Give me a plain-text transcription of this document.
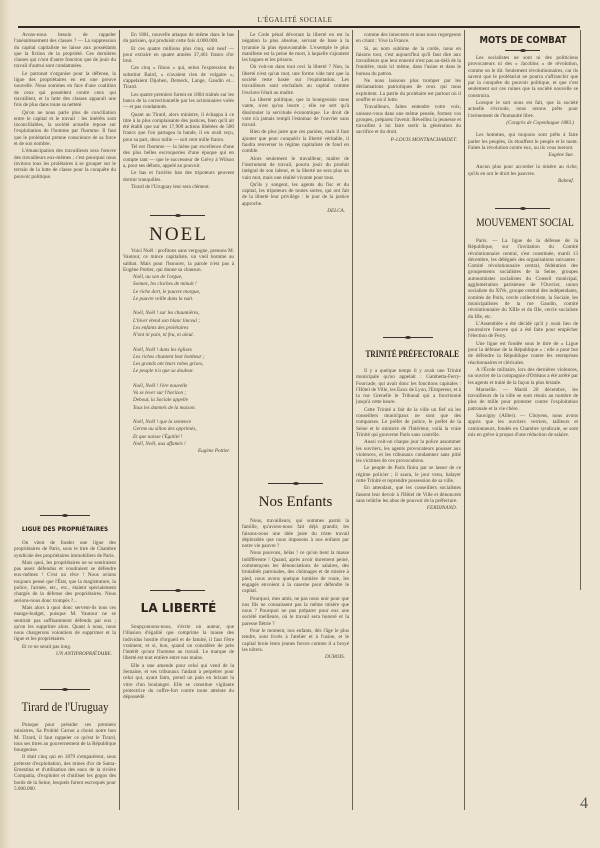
L'ÉGALITÉ SOCIALE

Avons-nous besoin de rappeler l'anéantissement des classes ? — La suppression du capital capitaliste ne laisse aux possédants que la fiction de la propriété. Ces dernières classes qui n'ont d'autre fonction que de jouir du travail d'autrui sont condamnées.

Le patronat s'organise pour la défense, la ligue des propriétaires en est une preuve nouvelle. Nous sommes en face d'une coalition de ceux qui possèdent contre ceux qui travaillent, et la lutte des classes apparaît une fois de plus dans toute sa netteté.

Qu'on ne nous parle plus de conciliation entre le capital et le travail : les intérêts sont inconciliables, la société actuelle repose sur l'exploitation de l'homme par l'homme. Il faut que le prolétariat prenne conscience de sa force et de son nombre.

L'émancipation des travailleurs sera l'œuvre des travailleurs eux-mêmes ; c'est pourquoi nous invitons tous les prolétaires à se grouper sur le terrain de la lutte de classe pour la conquête du pouvoir politique.

LIGUE DES PROPRIÉTAIRES

On vient de fonder une ligue des propriétaires de Paris, sous le titre de Chambre syndicale des propriétaires immobiliers de Paris.

Mais quoi, les propriétaires ne se sentiraient pas assez défendus et voudraient se défendre eux-mêmes ! C'est un rêve ! Nous avions toujours pensé que l'État, que la magistrature, la police, l'armée, etc., etc., étaient spécialement chargés de la défense des propriétaires. Nous serions-nous donc trompés ?...

Mais alors à quoi donc servent-ils tous ces mange-budget, puisque M. Vautour ne se sentirait pas suffisamment défendu par eux ; qu'on les supprime alors. Quant à nous, nous nous chargerons volontiers de supprimer et la ligue et les propriétaires.

Et ce ne serait pas long.

UN ANTIPROPRIÉTAIRE.
Tirard de l'Uruguay

Puisque pour présider ces premiers ministres, Sa Probité Carnot a choisi notre bon M. Tirard, il faut rappeler ce qu'est le Tirard, tous ses titres au gouvernement de la République bourgeoise.

Il était cinq qui en 1879 s'emparèrent, sous prétexte d'exploitation, des mines d'or de Santa-Ernestina et d'utilisation des eaux de la rivière Compatia, d'exploiter et d'utiliser les gogos des bords de la Seine, lesquels furent escroqués pour 5.000.000.

En 1881, nouvelle attaque de même dans le bas du parisien, qui produisit cette fois 4.000.000.

Et ces quatre millions plus cinq, soit neuf — pour extraire en quatre années 37,461 francs d'or brut.

Ces cinq « filous » qui, selon l'expression du substitut Baird, « n'avaient rien de vulgaire », s'appelaient Dijohen, Demeck, Lange, Gaudin et... Tirard.

Les quatre premiers furent en 1884 traînés sur les bancs de la correctionnelle par les actionnaires volés — et pas condamnés.

Quant au Tirard, alors ministre, il échappa à ce titre à la plus complaisante des justices, bien qu'il ait été établi que sur les 17,900 actions libérées de 500 francs que l'on partagea la bande, il en avait reçu, pour sa part, deux mille — soit cent mille francs.

Tel est l'homme — la hiène par excellence d'une des plus belles escroqueries d'une époque qui en compte tant — que le successeur de Grévy à Wilson a, pour ses débuts, appelé au pouvoir.

Le bas et l'arrière ban des tripoteurs peuvent dormir tranquilles.

Tirard de l'Uruguay leur sera clément.

NOEL

Voici Noël : profitons sans vergogne, prenons M. Vautour, ce mince capitaliste, un vieil homme au sabbat. Mais pour l'honorer, la parole n'est pas à Eugène Pottier, qui donne sa chanson.

Noël, au son de l'orgue,

Sonnez, les cloches de minuit !

Le riche dort, le pauvre morgue,

Le pauvre veille dans la nuit.

Noël, Noël ! sur les chaumières,

L'hiver étend son blanc linceul ;

Les enfants des prolétaires

N'ont ni pain, ni feu, ni aïeul.

Noël, Noël ! dans les églises

Les riches chantent leur bonheur ;

Les grands ont leurs robes grises,

Le peuple n'a que sa douleur.

Noël, Noël ! l'ère nouvelle

Va se lever sur l'horizon ;

Debout, la Sociale appelle

Tous les damnés de la maison.

Noël, Noël ! que la semence

Germe au sillon des opprimés,

Et que naisse l'Égalité !

Noël, Noël, aux affamés !

Eugène Pottier.
LA LIBERTÉ

Soupçonnons-nous, s'écrie un auteur, que l'illusion d'égalité que comprime la masse des individus hostile d'orgueil et de fatuité, il faut l'être vraiment, et si, bon, quand on considère de près l'intérêt qu'ont l'homme au travail. Le marque de liberté est tout entière entre nos mains.

Elle a une amende pour celui qui vend de la Semaine, et ses tribunaux l'aidant à perpétrer pour celui qui, ayant faim, prend un pain en brisant la vitre d'un boulanger. Elle se constitue vigilante protectrice du coffre-fort contre toute atteinte du dépossédé.

Le Code pénal dévorant la liberté en est la négation la plus absolue, servant de base à la tyrannie la plus épouvantable. L'exemple le plus manifeste est la peine de mort, à laquelle s'ajoutent les bagnes et les prisons.

Où voit-on dans tout ceci la liberté ? Non, la liberté n'est qu'un mot, une forme vide tant que la société reste basée sur l'exploitation. Les travailleurs sont enchaînés au capital comme l'esclave l'était au maître.

La liberté politique, que la bourgeoisie nous vante, n'est qu'un leurre ; elle ne sert qu'à dissimuler la servitude économique. Le droit de vote n'a jamais rempli l'estomac de l'ouvrier sans travail.

Rien de plus juste que ces paroles, mais il faut ajouter que pour conquérir la liberté véritable, il faudra renverser le régime capitaliste de fond en comble.

Alors seulement le travailleur, maître de l'instrument de travail, pourra jouir du produit intégral de son labeur, et la liberté ne sera plus un vain mot, mais une réalité vivante pour tous.

Qu'ils y songent, les agents du fisc et du capital, les tripoteurs de toutes sortes, qui ont fait de la liberté leur privilège : le jour de la justice approche.

DELCA.
Nos Enfants

Nous, travailleurs, qui sommes parmi la famille, qu'avons-nous fait déjà grandir, les faisons-nous une idée juste du triste travail déplorable que nous imposons à nos enfants par notre vie pauvre ?

Nous pouvons, hélas ! ce qu'on tient la masse indifférente ! Quand, après avoir durement peiné, commençons les dénonciations de salaires, des brutalités patronales, des chômages et de misère à pied, nous avons quelque lumière de route, les engagés envoient à la caserne pour défendre le capital.

Pourquoi, mes amis, ne pas nous unir pour que nos fils ne connaissent pas la même misère que nous ? Pourquoi ne pas préparer pour eux une société meilleure, où le travail sera honoré et la paresse flétrie ?

Pour le moment, nos enfants, dès l'âge le plus tendre, sont livrés à l'atelier et à l'usine, et le capital broie leurs jeunes forces comme il a broyé les nôtres.

DUBOIS.

comme des innocents et nous nous regorgeons en criant : Vive la France.

Si, au nom sublime de la corde, nous en faisons tout, c'est aujourd'hui qu'il faut dire aux travailleurs que leur ennemi n'est pas au-delà de la frontière, mais ici même, dans l'usine et dans le bureau du patron.

Ne nous laissons plus tromper par les déclamations patriotiques de ceux qui nous exploitent. La patrie du prolétaire est partout où il souffre et où il lutte.

Travailleurs, faites entendre votre voix, unissez-vous dans une même pensée, formez vos groupes, préparez l'avenir. Réveillez la jeunesse et travaillez à lui faire sortir la génération du sacrifice et du droit.

P.-LOUIS MONTRACHARDET.
TRINITÉ PRÉFECTORALE

Il y a quelque temps il y avait une Trinité municipale qu'on appelait : Gambetta-Ferry-Fourcade, qui avait donc les fonctions capitales : l'Hôtel de Ville, les Eaux de Lyon, l'Empereur, et à la rue Grenelle le Tribunal qui a fonctionné jusqu'à cette heure.

Cette Trinité a fait de la ville un fief où les conseillers municipaux ne sont que des comparses. Le préfet de police, le préfet de la Seine et le ministre de l'Intérieur, voilà la vraie Trinité qui gouverne Paris sans contrôle.

Aussi voit-on chaque jour la police assommer les ouvriers, les agents provocateurs pousser aux violences, et les tribunaux condamner sans pitié les victimes de ces provocations.

Le peuple de Paris finira par se lasser de ce régime policier ; il saura, le jour venu, balayer cette Trinité et reprendre possession de sa ville.

En attendant, que les conseillers socialistes fassent leur devoir à l'Hôtel de Ville et dénoncent sans relâche les abus de pouvoir de la préfecture.

FERDINAND.
MOTS DE COMBAT

Les socialistes ne sont ni des politiciens provocateurs ni des « Jacobins » de révolution, comme on le dit. Seulement révolutionnaires, car ils savent que le prolétariat ne pourra s'affranchir que par la conquête du pouvoir politique, et que c'est seulement sur ces ruines que la société nouvelle se construira.

Lorsque le sort nous est fait, que la société actuelle s'écroule, nous serons prêts pour l'avènement de l'humanité libre.

(Congrès de Copenhague 1883.)

Les hommes, qui toujours sont prêts à faire parler les peuples, ils étouffent le peuple et le tuent. Faites la révolution contre eux, ou ils vous tueront.

Eugène Sue.

Aucun plus pour accorder la misère au riche, qu'ils en ont le droit les pauvres.

Babeuf.
MOUVEMENT SOCIAL

Paris. — La ligue de la défense de la République, sur l'invitation du Comité révolutionnaire central, s'est constituée, mardi 13 décembre, les délégués des organisations suivantes : Comité révolutionnaire central, fédération des groupements socialistes de la Seine, groupes autonomistes socialistes du Conseil municipal, agglomération parisienne de l'Ouvrier, union socialiste du XIVe, groupe central des indépendants, comités de Paris, cercle collectiviste, la Sociale, les municipalistes de la rue Gaudin, comité révolutionnaire du XIIIe et du IIIe, cercle socialiste du IIIe, etc.

L'Assemblée a été décidé qu'il y avait lieu de poursuivre l'œuvre qui a été faite pour empêcher l'élection de Ferry.

Une ligue est fondée sous le titre de « Ligue pour la défense de la République » : elle a pour but de défendre la République contre les entreprises réactionnaires et cléricales.

A l'École militaire, lors des dernières violences, un ouvrier de la compagnie d'Orléans a été arrêté par les agents et traité de la façon la plus brutale.

Marseille. — Mardi 20 décembre, les travailleurs de la ville se sont réunis au nombre de plus de mille pour protester contre l'exploitation patronale et la vie chère.

Sauvigny (Allier). — Citoyens, nous avons appris que les ouvriers verriers, tailleurs et camionneurs, fondés en Chambre syndicale, se sont mis en grève à propos d'une réduction de salaire.

4
